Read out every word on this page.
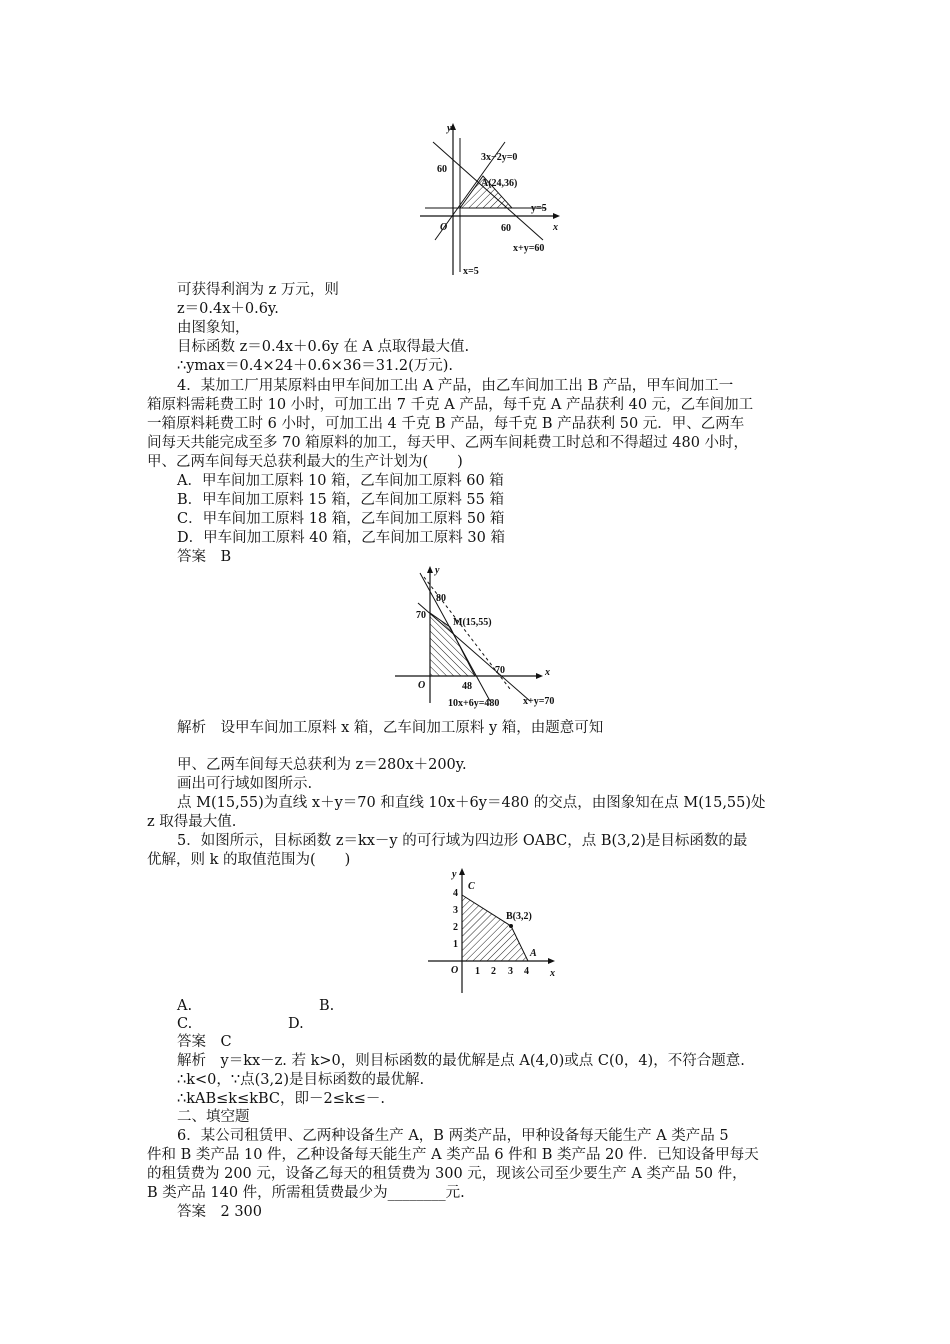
y
x
O
60
60
3x−2y=0
A(24,36)
y=5
x+y=60
x=5
可获得利润为 z 万元，则
z＝0.4x＋0.6y.
由图象知，
目标函数 z＝0.4x＋0.6y 在 A 点取得最大值.
∴ymax＝0.4×24＋0.6×36＝31.2(万元).
4．某加工厂用某原料由甲车间加工出 A 产品，由乙车间加工出 B 产品，甲车间加工一
箱原料需耗费工时 10 小时，可加工出 7 千克 A 产品，每千克 A 产品获利 40 元，乙车间加工
一箱原料耗费工时 6 小时，可加工出 4 千克 B 产品，每千克 B 产品获利 50 元．甲、乙两车
间每天共能完成至多 70 箱原料的加工，每天甲、乙两车间耗费工时总和不得超过 480 小时，
甲、乙两车间每天总获利最大的生产计划为(　　)
A．甲车间加工原料 10 箱，乙车间加工原料 60 箱
B．甲车间加工原料 15 箱，乙车间加工原料 55 箱
C．甲车间加工原料 18 箱，乙车间加工原料 50 箱
D．甲车间加工原料 40 箱，乙车间加工原料 30 箱
答案　B
y
x
O
80
70
70
48
M(15,55)
10x+6y=480 x+y=70
解析　设甲车间加工原料 x 箱，乙车间加工原料 y 箱，由题意可知
甲、乙两车间每天总获利为 z＝280x＋200y.
画出可行域如图所示.
点 M(15,55)为直线 x＋y＝70 和直线 10x＋6y＝480 的交点，由图象知在点 M(15,55)处
z 取得最大值.
5．如图所示，目标函数 z＝kx－y 的可行域为四边形 OABC，点 B(3,2)是目标函数的最
优解，则 k 的取值范围为(　　)
y
x
O 1 2 3 4
1
2
3
4
B(3,2)
A
C
A.	B.
C.	D.
答案　C
解析　y＝kx－z. 若 k>0，则目标函数的最优解是点 A(4,0)或点 C(0，4)，不符合题意.
∴k<0，∵点(3,2)是目标函数的最优解.
∴kAB≤k≤kBC，即－2≤k≤－.
二、填空题
6．某公司租赁甲、乙两种设备生产 A，B 两类产品，甲种设备每天能生产 A 类产品 5
件和 B 类产品 10 件，乙种设备每天能生产 A 类产品 6 件和 B 类产品 20 件．已知设备甲每天
的租赁费为 200 元，设备乙每天的租赁费为 300 元，现该公司至少要生产 A 类产品 50 件，
B 类产品 140 件，所需租赁费最少为________元.
答案　2 300
